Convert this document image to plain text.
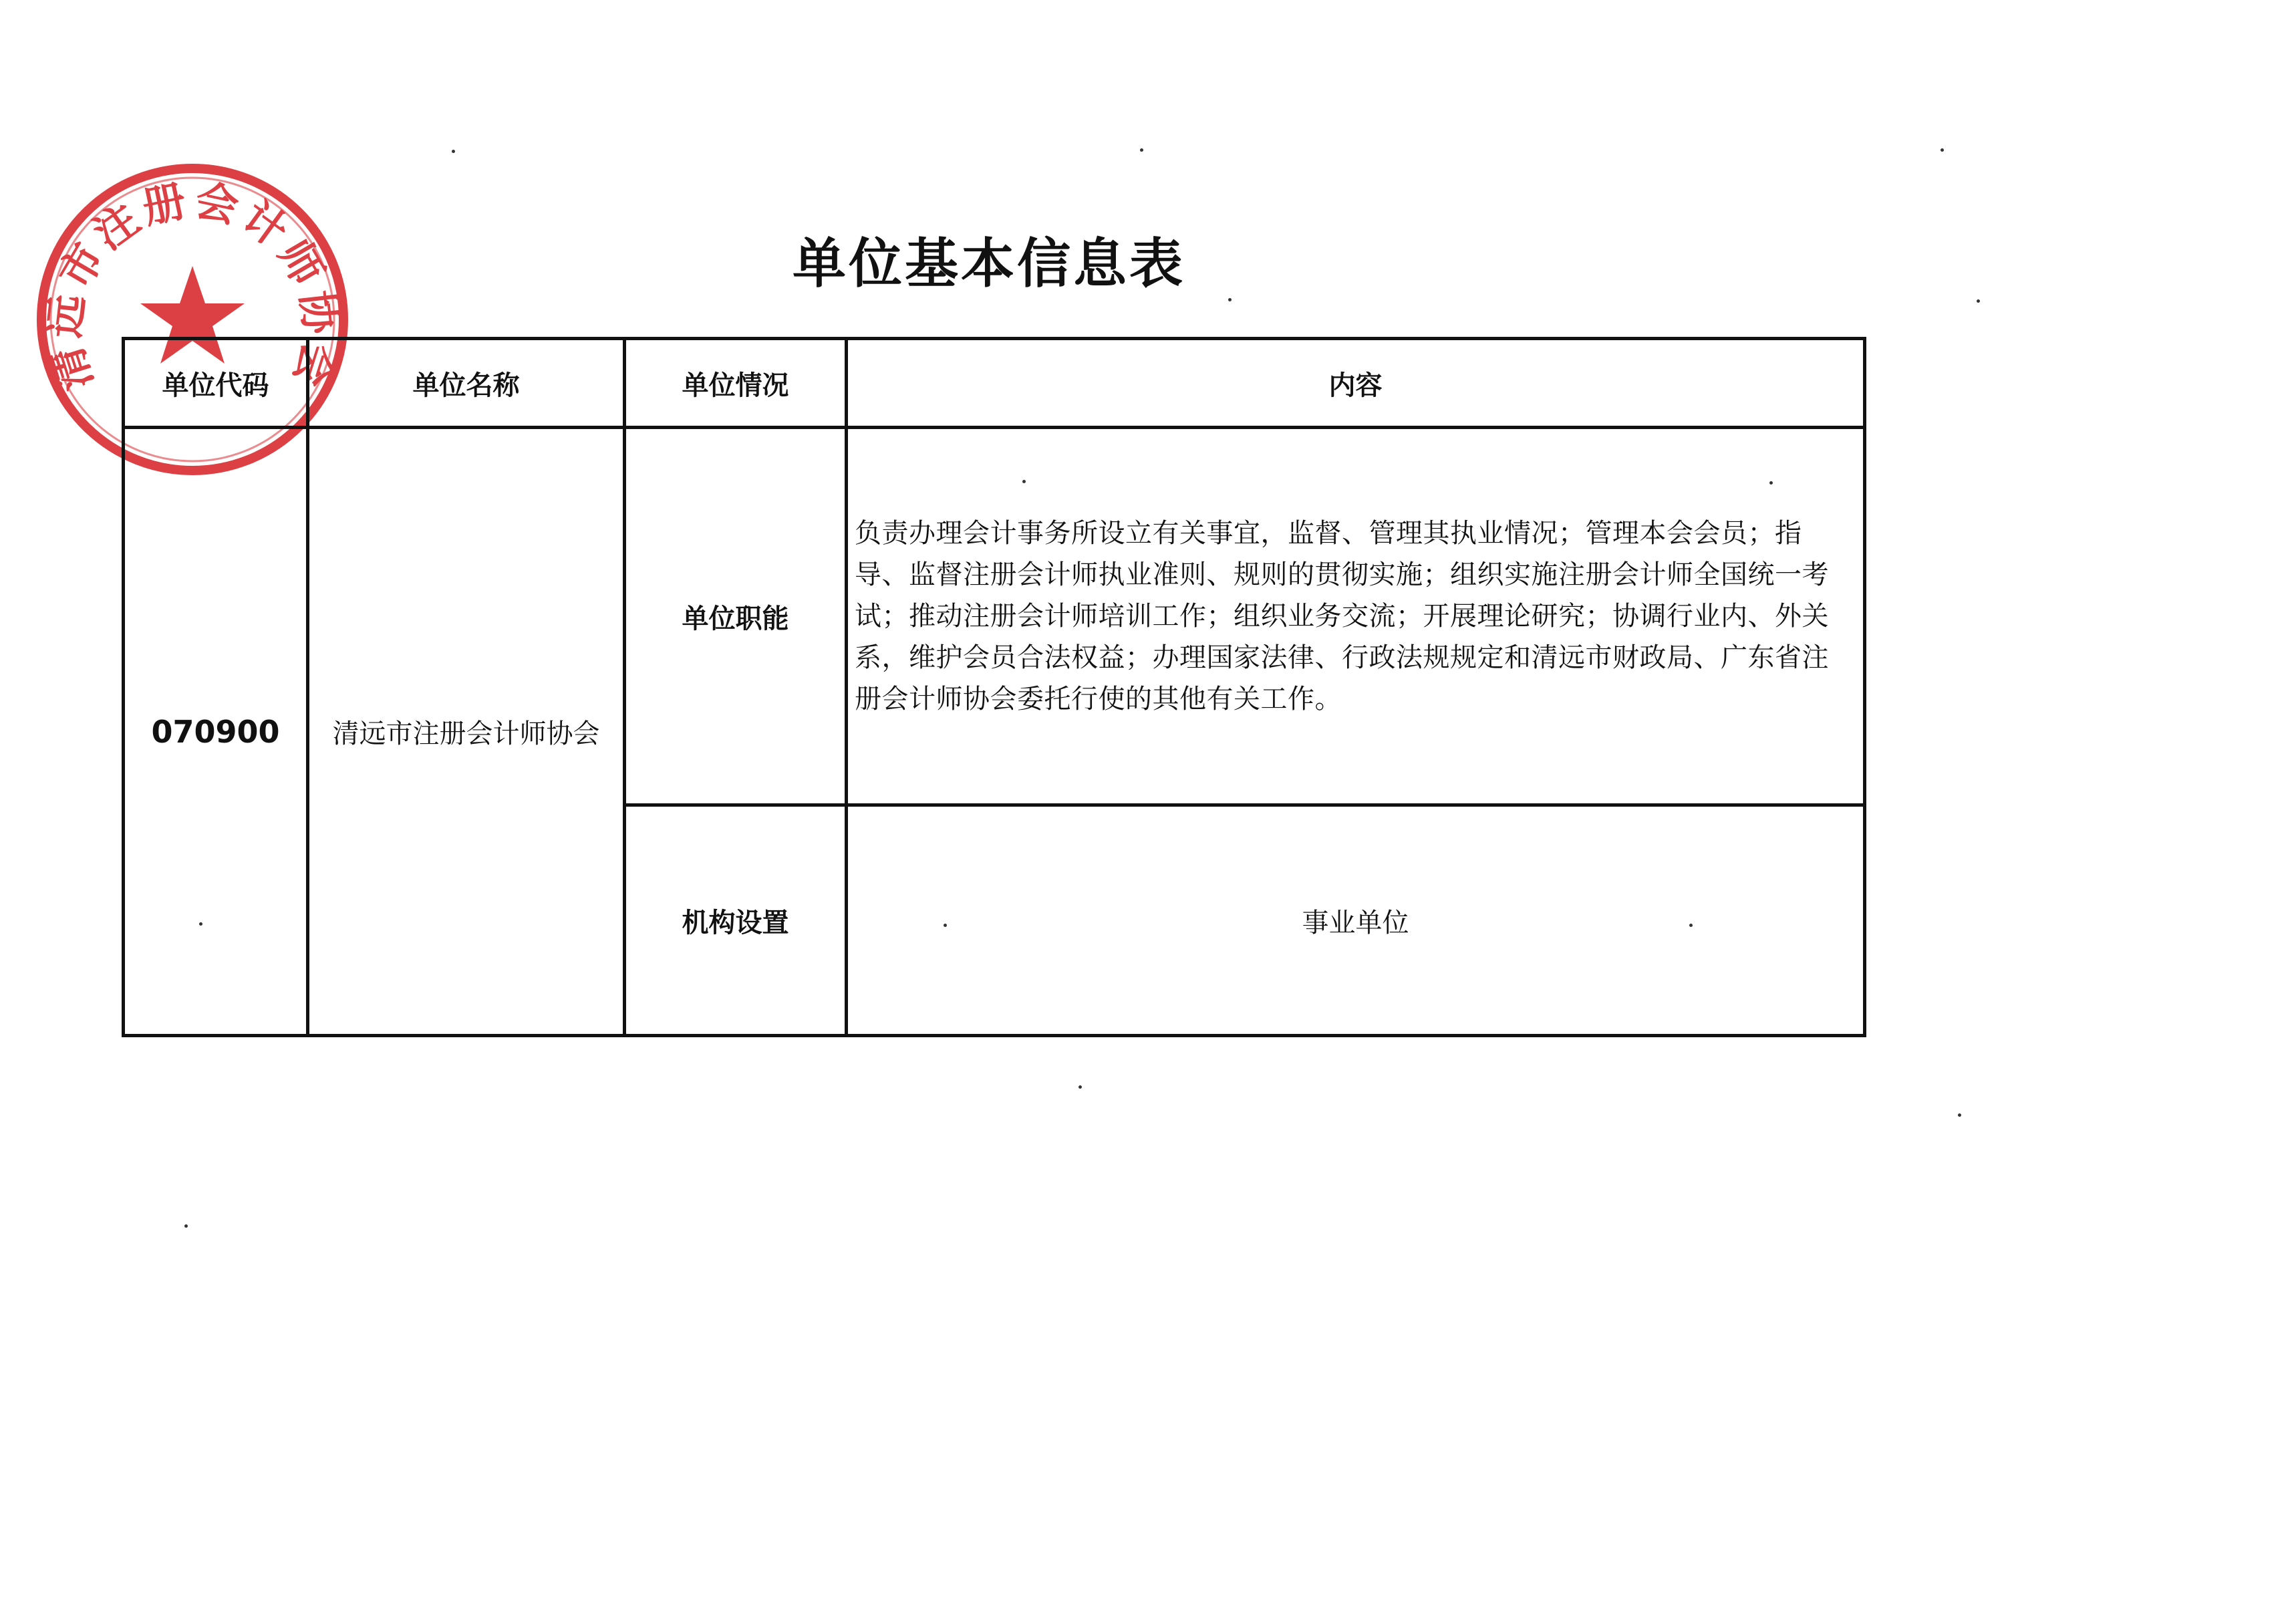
清远市注册会计师协会
单位基本信息表
单位代码	单位名称	单位情况	内容
070900	清远市注册会计师协会	单位职能	负责办理会计事务所设立有关事宜，监督、管理其执业情况；管理本会会员；指导、监督注册会计师执业准则、规则的贯彻实施；组织实施注册会计师全国统一考试；推动注册会计师培训工作；组织业务交流；开展理论研究；协调行业内、外关系，维护会员合法权益；办理国家法律、行政法规规定和清远市财政局、广东省注册会计师协会委托行使的其他有关工作。
		机构设置	事业单位
